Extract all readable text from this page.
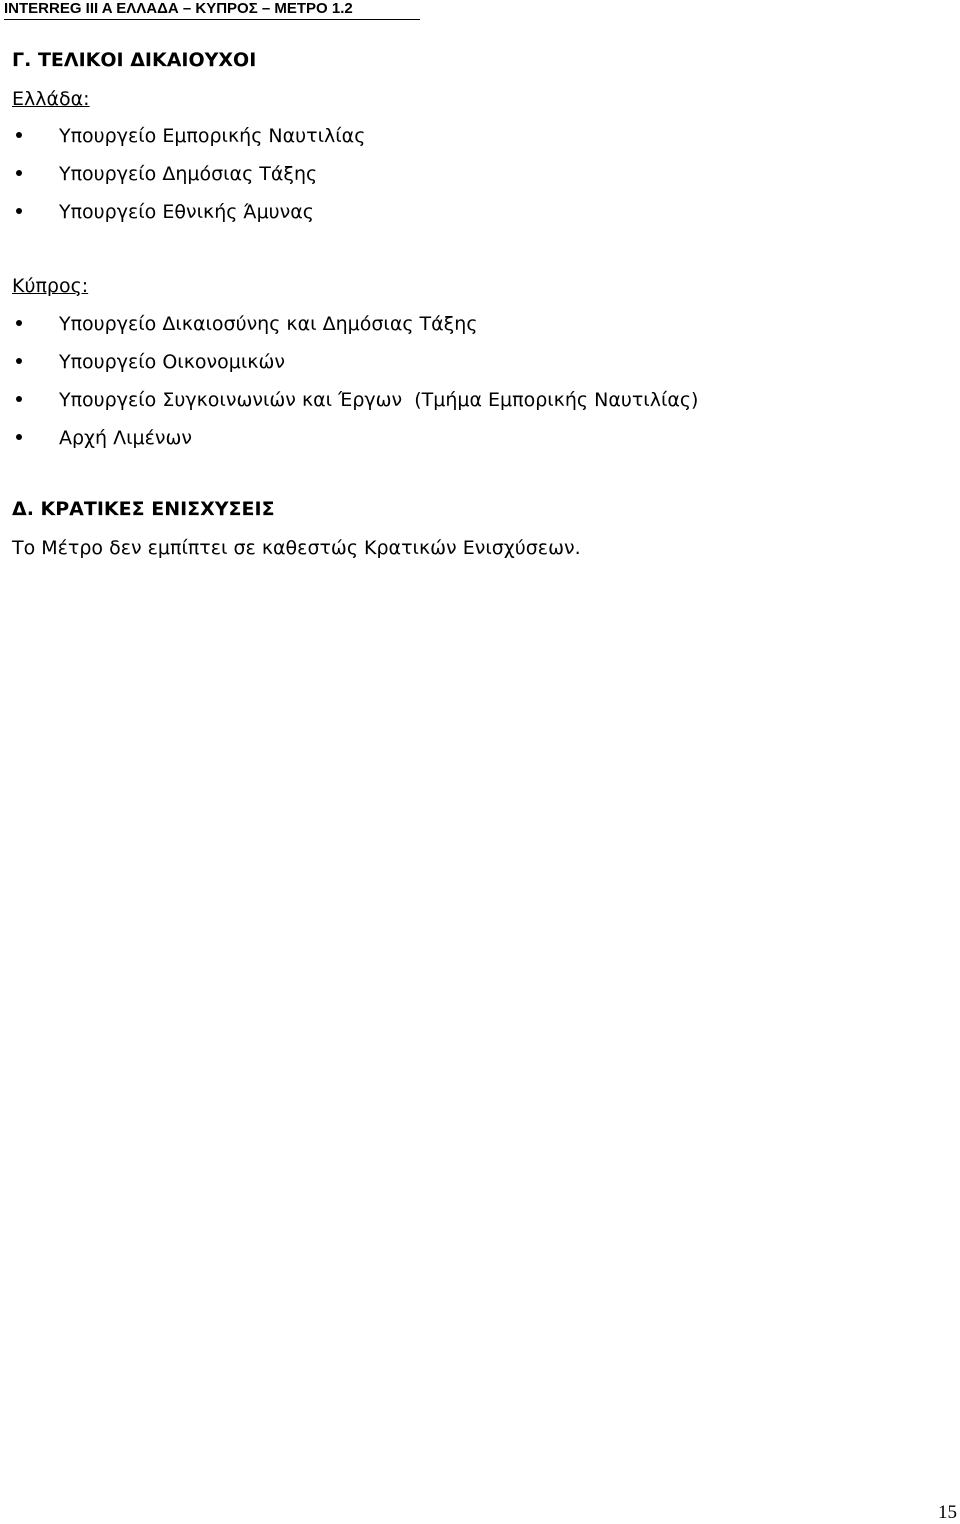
INTERREG III A ΕΛΛΑΔΑ – ΚΥΠΡΟΣ – ΜΕΤΡΟ 1.2
Γ. ΤΕΛΙΚΟΙ ΔΙΚΑΙΟΥΧΟΙ
Ελλάδα:
Υπουργείο Εμπορικής Ναυτιλίας
Υπουργείο Δημόσιας Τάξης
Υπουργείο Εθνικής Άμυνας
Κύπρος:
Υπουργείο Δικαιοσύνης και Δημόσιας Τάξης
Υπουργείο Οικονομικών
Υπουργείο Συγκοινωνιών και Έργων  (Τμήμα Εμπορικής Ναυτιλίας)
Αρχή Λιμένων
Δ. ΚΡΑΤΙΚΕΣ ΕΝΙΣΧΥΣΕΙΣ
Το Μέτρο δεν εμπίπτει σε καθεστώς Κρατικών Ενισχύσεων.
15
